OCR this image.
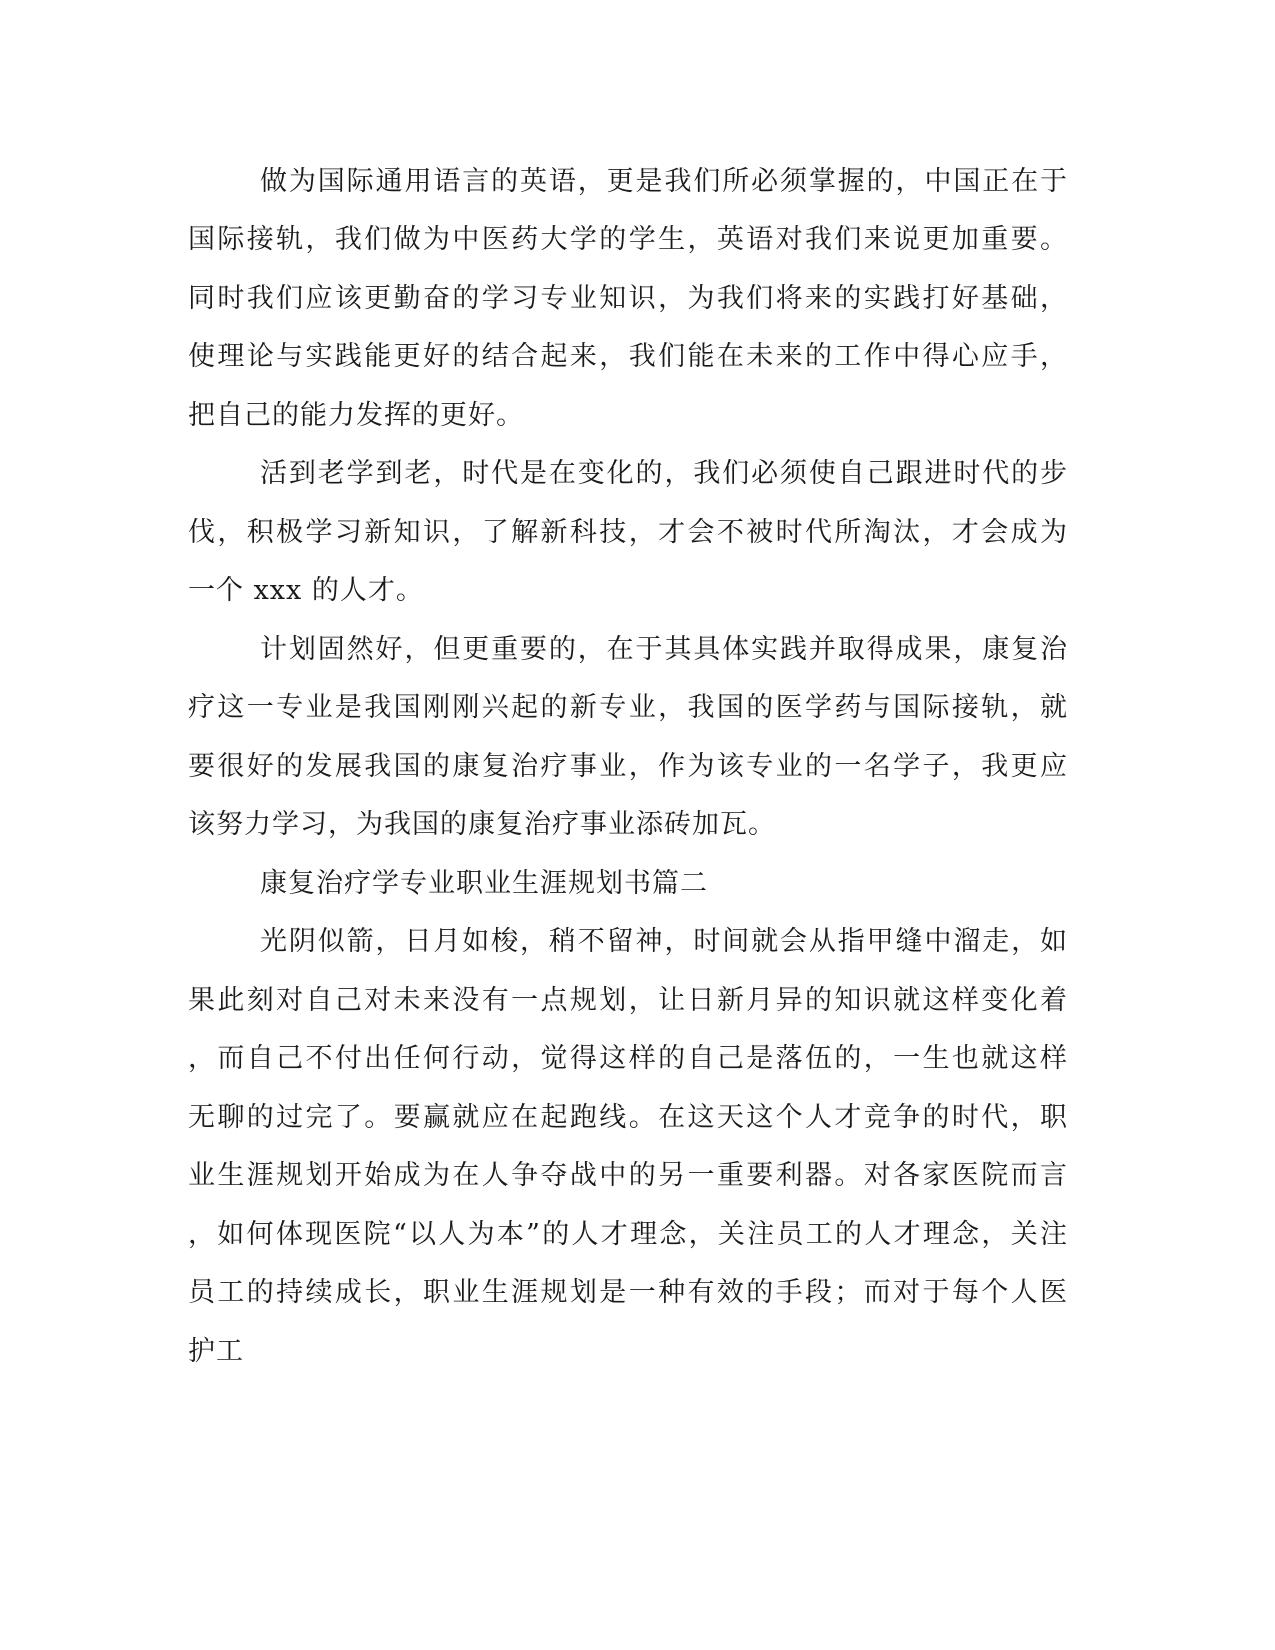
做为国际通用语言的英语，更是我们所必须掌握的，中国正在于
国际接轨，我们做为中医药大学的学生，英语对我们来说更加重要。
同时我们应该更勤奋的学习专业知识，为我们将来的实践打好基础，
使理论与实践能更好的结合起来，我们能在未来的工作中得心应手，
把自己的能力发挥的更好。
活到老学到老，时代是在变化的，我们必须使自己跟进时代的步
伐，积极学习新知识，了解新科技，才会不被时代所淘汰，才会成为
一个 xxx 的人才。
计划固然好，但更重要的，在于其具体实践并取得成果，康复治
疗这一专业是我国刚刚兴起的新专业，我国的医学药与国际接轨，就
要很好的发展我国的康复治疗事业，作为该专业的一名学子，我更应
该努力学习，为我国的康复治疗事业添砖加瓦。
康复治疗学专业职业生涯规划书篇二
光阴似箭，日月如梭，稍不留神，时间就会从指甲缝中溜走，如
果此刻对自己对未来没有一点规划，让日新月异的知识就这样变化着
，而自己不付出任何行动，觉得这样的自己是落伍的，一生也就这样
无聊的过完了。要赢就应在起跑线。在这天这个人才竞争的时代，职
业生涯规划开始成为在人争夺战中的另一重要利器。对各家医院而言
，如何体现医院“以人为本”的人才理念，关注员工的人才理念，关注
员工的持续成长，职业生涯规划是一种有效的手段；而对于每个人医
护工
